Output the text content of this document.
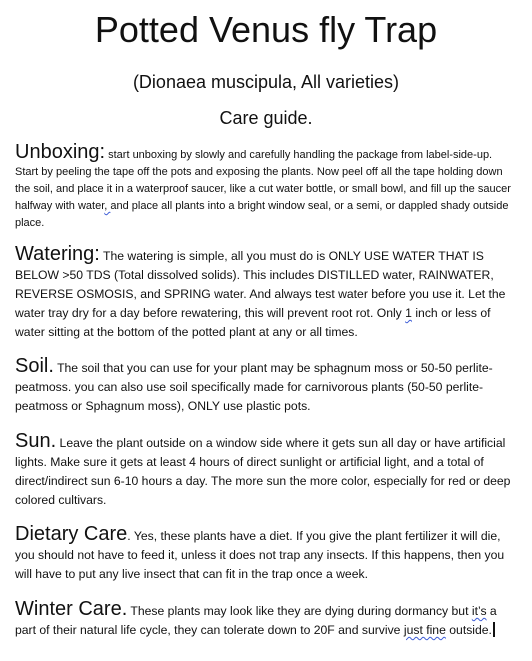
Potted Venus fly Trap
(Dionaea muscipula, All varieties)
Care guide.

Unboxing: start unboxing by slowly and carefully handling the package from label-side-up.

Start by peeling the tape off the pots and exposing the plants. Now peel off all the tape holding down the soil, and place it in a waterproof saucer, like a cut water bottle, or small bowl, and fill up the saucer halfway with water, and place all plants into a bright window seal, or a semi, or dappled shady outside place.

Watering: The watering is simple, all you must do is ONLY USE WATER THAT IS BELOW >50 TDS (Total dissolved solids). This includes DISTILLED water, RAINWATER, REVERSE OSMOSIS, and SPRING water. And always test water before you use it. Let the water tray dry for a day before rewatering, this will prevent root rot. Only 1 inch or less of water sitting at the bottom of the potted plant at any or all times.

Soil. The soil that you can use for your plant may be sphagnum moss or 50-50 perlite-peatmoss. you can also use soil specifically made for carnivorous plants (50-50 perlite-peatmoss or Sphagnum moss), ONLY use plastic pots.

Sun. Leave the plant outside on a window side where it gets sun all day or have artificial lights. Make sure it gets at least 4 hours of direct sunlight or artificial light, and a total of direct/indirect sun 6-10 hours a day. The more sun the more color, especially for red or deep colored cultivars.

Dietary Care. Yes, these plants have a diet. If you give the plant fertilizer it will die, you should not have to feed it, unless it does not trap any insects. If this happens, then you will have to put any live insect that can fit in the trap once a week.

Winter Care. These plants may look like they are dying during dormancy but it’s a part of their natural life cycle, they can tolerate down to 20F and survive just fine outside.
